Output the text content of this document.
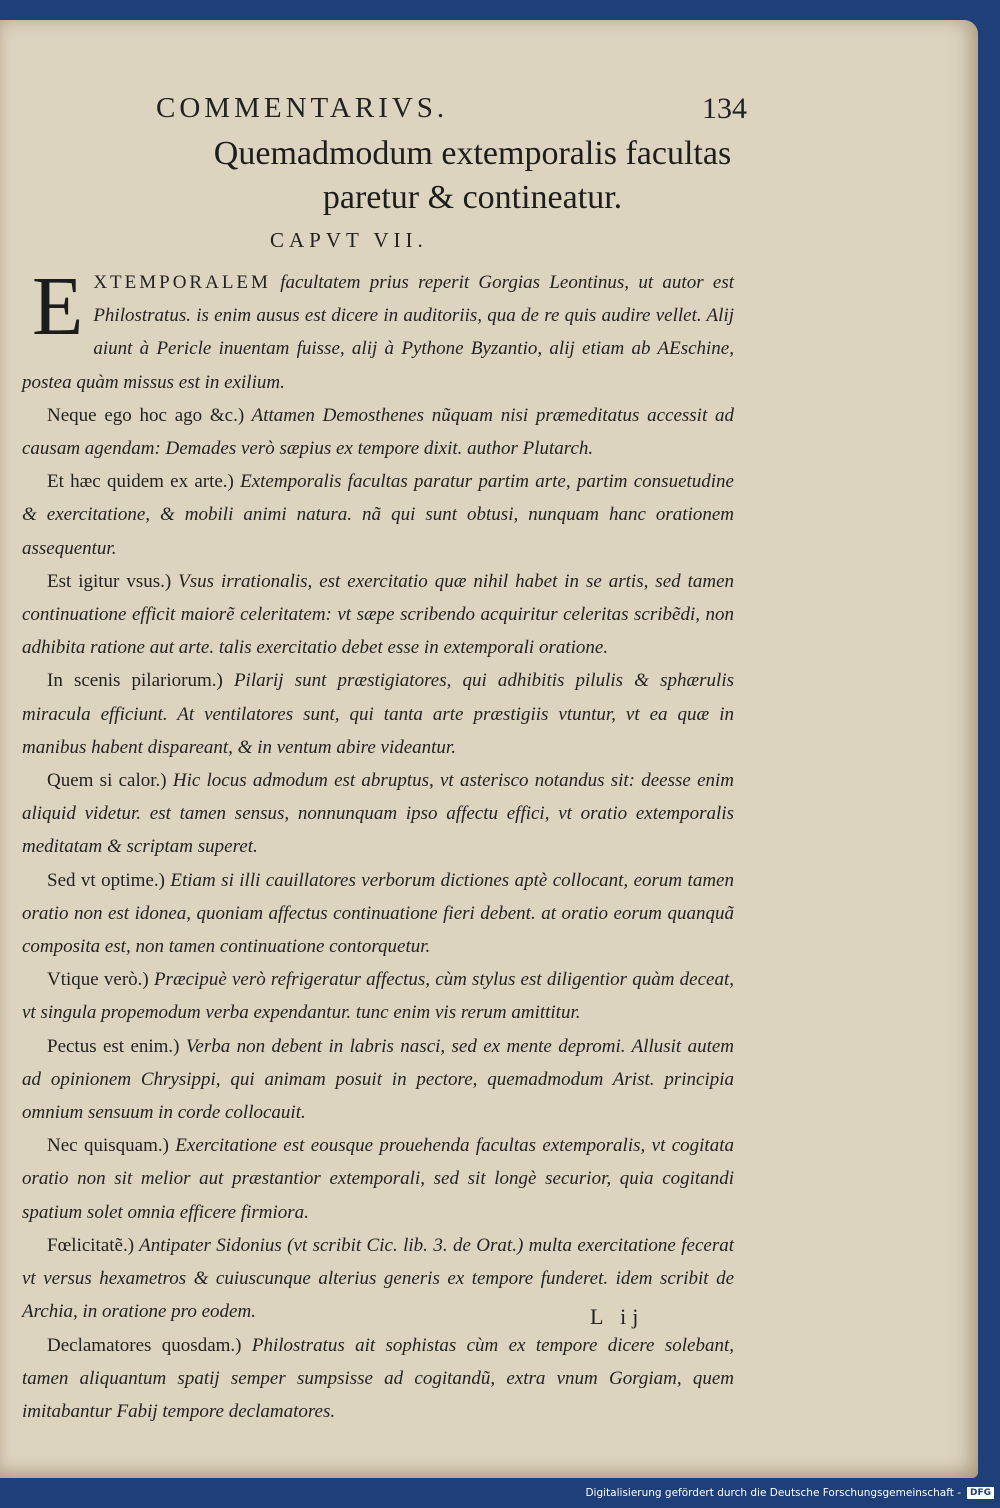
COMMENTARIVS.	134
Quemadmodum extemporalis facultas
paretur & contineatur.
CAPVT VII.

E XTEMPORALEM facultatem prius reperit Gorgias Leontinus, ut autor est Philostratus. is enim ausus est dicere in auditoriis, qua de re quis audire vellet. Alij aiunt à Pericle inuentam fuisse, alij à Pythone Byzantio, alij etiam ab AEschine, postea quàm missus est in exilium.

Neque ego hoc ago &c.) Attamen Demosthenes nũquam nisi præmeditatus accessit ad causam agendam: Demades verò sæpius ex tempore dixit. author Plutarch.

Et hæc quidem ex arte.) Extemporalis facultas paratur partim arte, partim consuetudine & exercitatione, & mobili animi natura. nã qui sunt obtusi, nunquam hanc orationem assequentur.

Est igitur vsus.) Vsus irrationalis, est exercitatio quæ nihil habet in se artis, sed tamen continuatione efficit maiorẽ celeritatem: vt sæpe scribendo acquiritur celeritas scribẽdi, non adhibita ratione aut arte. talis exercitatio debet esse in extemporali oratione.

In scenis pilariorum.) Pilarij sunt præstigiatores, qui adhibitis pilulis & sphærulis miracula efficiunt. At ventilatores sunt, qui tanta arte præstigiis vtuntur, vt ea quæ in manibus habent dispareant, & in ventum abire videantur.

Quem si calor.) Hic locus admodum est abruptus, vt asterisco notandus sit: deesse enim aliquid videtur. est tamen sensus, nonnunquam ipso affectu effici, vt oratio extemporalis meditatam & scriptam superet.

Sed vt optime.) Etiam si illi cauillatores verborum dictiones aptè collocant, eorum tamen oratio non est idonea, quoniam affectus continuatione fieri debent. at oratio eorum quanquã composita est, non tamen continuatione contorquetur.

Vtique verò.) Præcipuè verò refrigeratur affectus, cùm stylus est diligentior quàm deceat, vt singula propemodum verba expendantur. tunc enim vis rerum amittitur.

Pectus est enim.) Verba non debent in labris nasci, sed ex mente depromi. Allusit autem ad opinionem Chrysippi, qui animam posuit in pectore, quemadmodum Arist. principia omnium sensuum in corde collocauit.

Nec quisquam.) Exercitatione est eousque prouehenda facultas extemporalis, vt cogitata oratio non sit melior aut præstantior extemporali, sed sit longè securior, quia cogitandi spatium solet omnia efficere firmiora.

Fœlicitatẽ.) Antipater Sidonius (vt scribit Cic. lib. 3. de Orat.) multa exercitatione fecerat vt versus hexametros & cuiuscunque alterius generis ex tempore funderet. idem scribit de Archia, in oratione pro eodem.

Declamatores quosdam.) Philostratus ait sophistas cùm ex tempore dicere solebant, tamen aliquantum spatij semper sumpsisse ad cogitandũ, extra vnum Gorgiam, quem imitabantur Fabij tempore declamatores.

L ij
Digitalisierung gefördert durch die Deutsche Forschungsgemeinschaft -	DFG
